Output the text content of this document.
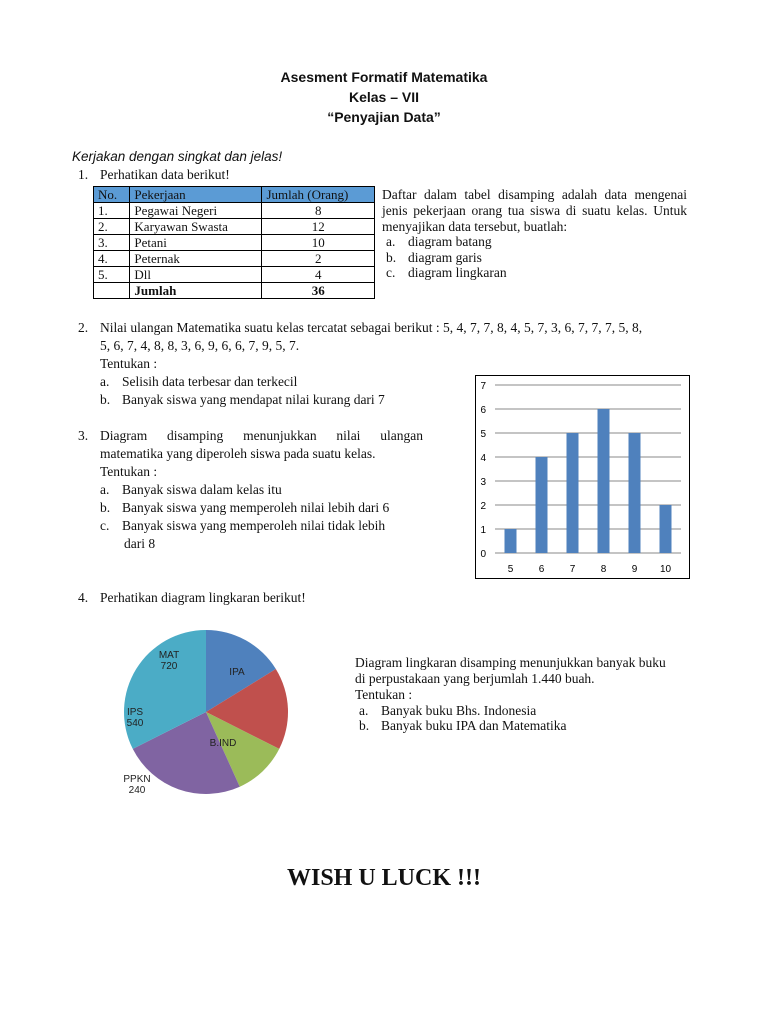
Asesment Formatif Matematika
Kelas – VII
“Penyajian Data”
Kerjakan dengan singkat dan jelas!
1. Perhatikan data berikut!
No.	Pekerjaan	Jumlah (Orang)
1.	Pegawai Negeri	8
2.	Karyawan Swasta	12
3.	Petani	10
4.	Peternak	2
5.	Dll	4
	Jumlah	36
Daftar dalam tabel disamping adalah data mengenai jenis pekerjaan orang tua siswa di suatu kelas. Untuk menyajikan data tersebut, buatlah:
a. diagram batang
b. diagram garis
c. diagram lingkaran
2. Nilai ulangan Matematika suatu kelas tercatat sebagai berikut : 5, 4, 7, 7, 8, 4, 5, 7, 3, 6, 7, 7, 7, 5, 8,
5, 6, 7, 4, 8, 8, 3, 6, 9, 6, 6, 7, 9, 5, 7.
Tentukan :
a. Selisih data terbesar dan terkecil
b. Banyak siswa yang mendapat nilai kurang dari 7
3. Diagram disamping menunjukkan nilai ulangan
matematika yang diperoleh siswa pada suatu kelas.
Tentukan :
a. Banyak siswa dalam kelas itu
b. Banyak siswa yang memperoleh nilai lebih dari 6
c. Banyak siswa yang memperoleh nilai tidak lebih
dari 8
0
1
2
3
4
5
6
7
5	6	7	8	9 10
4. Perhatikan diagram lingkaran berikut!
IPA
B.IND
PPKN
240
IPS
540
MAT
720	Diagram lingkaran disamping menunjukkan banyak buku
di perpustakaan yang berjumlah 1.440 buah.
Tentukan :
a. Banyak buku Bhs. Indonesia
b. Banyak buku IPA dan Matematika
WISH U LUCK !!!
